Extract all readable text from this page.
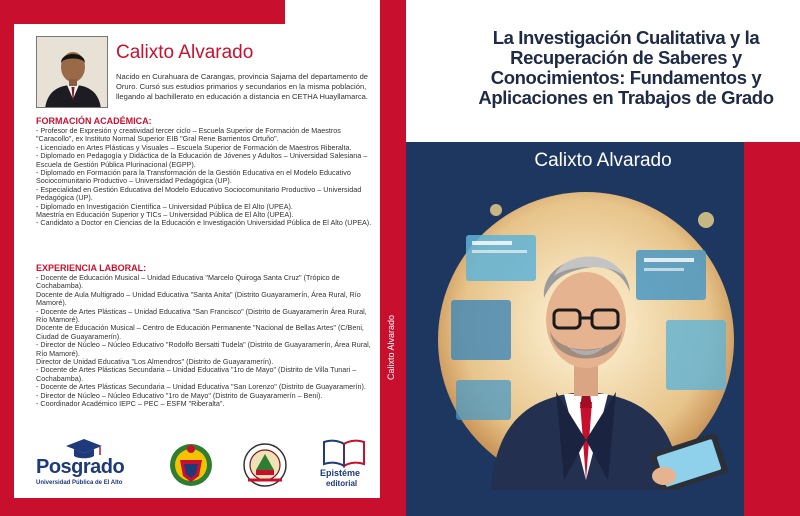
Calixto Alvarado

Nacido en Curahuara de Carangas, provincia Sajama del departamento de Oruro. Cursó sus estudios primarios y secundarios en la misma población, llegando al bachillerato en educación a distancia en CETHA Huayllamarca.

FORMACIÓN ACADÉMICA:
- Profesor de Expresión y creatividad tercer ciclo – Escuela Superior de Formación de Maestros "Caracollo", ex Instituto Normal Superior EIB "Gral Rene Barrientos Ortuño".
- Licenciado en Artes Plásticas y Visuales – Escuela Superior de Formación de Maestros Riberalta.
- Diplomado en Pedagogía y Didáctica de la Educación de Jóvenes y Adultos – Universidad Salesiana – Escuela de Gestión Pública Plurinacional (EGPP).
- Diplomado en Formación para la Transformación de la Gestión Educativa en el Modelo Educativo Sociocomunitario Productivo – Universidad Pedagógica (UP).
- Especialidad en Gestión Educativa del Modelo Educativo Sociocomunitario Productivo – Universidad Pedagógica (UP).
- Diplomado en Investigación Científica – Universidad Pública de El Alto (UPEA).
Maestría en Educación Superior y TICs – Universidad Pública de El Alto (UPEA).
- Candidato a Doctor en Ciencias de la Educación e Investigación Universidad Pública de El Alto (UPEA).
EXPERIENCIA LABORAL:
- Docente de Educación Musical – Unidad Educativa "Marcelo Quiroga Santa Cruz" (Trópico de Cochabamba).
Docente de Aula Multigrado – Unidad Educativa "Santa Anita" (Distrito Guayaramerín, Área Rural, Río Mamoré).
- Docente de Artes Plásticas – Unidad Educativa "San Francisco" (Distrito de Guayaramerín Área Rural, Río Mamoré).
Docente de Educación Musical – Centro de Educación Permanente "Nacional de Bellas Artes" (C/Beni, Ciudad de Guayaramerín).
- Director de Núcleo – Núcleo Educativo "Rodolfo Bersatti Tudela" (Distrito de Guayaramerín, Área Rural, Río Mamoré).
Director de Unidad Educativa "Los Almendros" (Distrito de Guayaramerín).
- Docente de Artes Plásticas Secundaria – Unidad Educativa "1ro de Mayo" (Distrito de Villa Tunari – Cochabamba).
- Docente de Artes Plásticas Secundaria – Unidad Educativa "San Lorenzo" (Distrito de Guayaramerín).
- Director de Núcleo – Núcleo Educativo "1ro de Mayo" (Distrito de Guayaramerín – Beni).
- Coordinador Académico IEPC – PEC – ESFM "Riberalta".
Posgrado
Universidad Pública de El Alto
Epistéme
editorial
Calixto Alvarado
La Investigación Cualitativa y la Recuperación de Saberes y Conocimientos: Fundamentos y Aplicaciones en Trabajos de Grado
Calixto Alvarado
